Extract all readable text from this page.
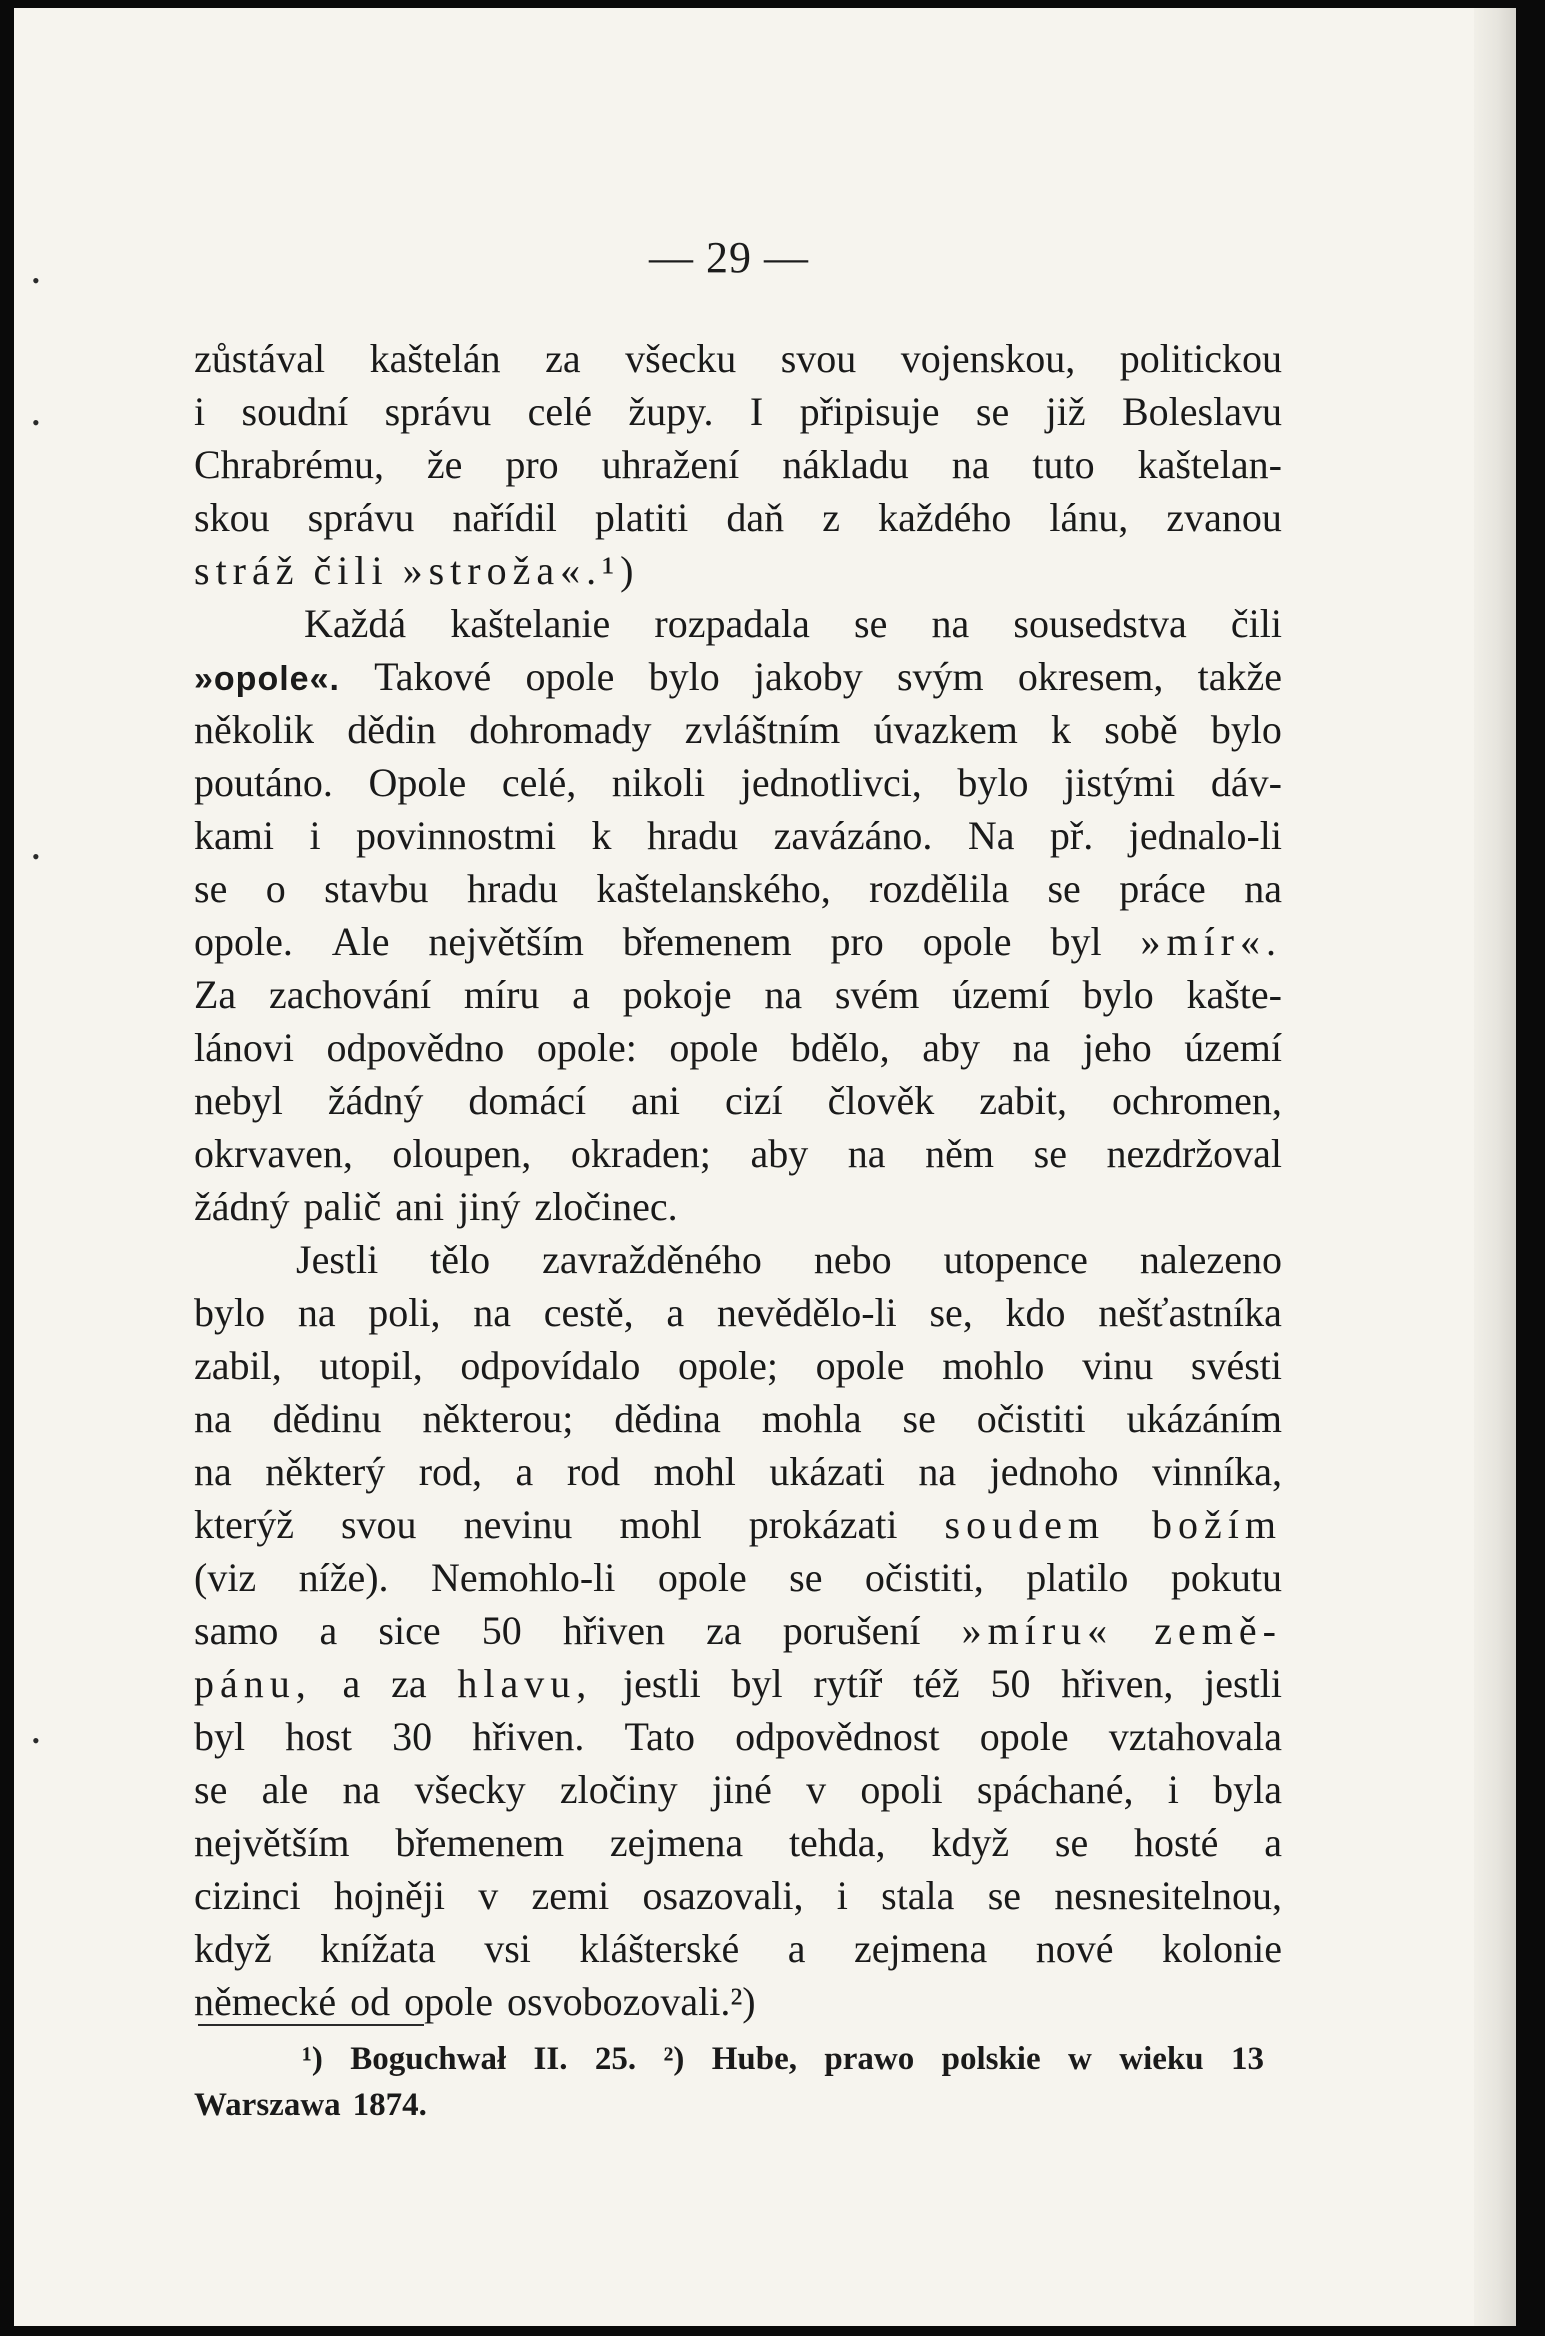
— 29 —
zůstával kaštelán za všecku svou vojenskou, politickou
i soudní správu celé župy. I připisuje se již Boleslavu
Chrabrému, že pro uhražení nákladu na tuto kaštelan-
skou správu nařídil platiti daň z každého lánu, zvanou
stráž čili »strožа«.¹)
Každá kaštelanie rozpadala se na sousedstva čili
»opole«. Takové opole bylo jakoby svým okresem, takže
několik dědin dohromady zvláštním úvazkem k sobě bylo
poutáno. Opole celé, nikoli jednotlivci, bylo jistými dáv-
kami i povinnostmi k hradu zavázáno. Na př. jednalo-li
se o stavbu hradu kaštelanského, rozdělila se práce na
opole. Ale největším břemenem pro opole byl »mír«.
Za zachování míru a pokoje na svém území bylo kašte-
lánovi odpovědno opole: opole bdělo, aby na jeho území
nebyl žádný domácí ani cizí člověk zabit, ochromen,
okrvaven, oloupen, okraden; aby na něm se nezdržoval
žádný palič ani jiný zločinec.
Jestli tělo zavražděného nebo utopence nalezeno
bylo na poli, na cestě, a nevědělo-li se, kdo nešťastníka
zabil, utopil, odpovídalo opole; opole mohlo vinu svésti
na dědinu některou; dědina mohla se očistiti ukázáním
na některý rod, a rod mohl ukázati na jednoho vinníka,
kterýž svou nevinu mohl prokázati soudem božím
(viz níže). Nemohlo-li opole se očistiti, platilo pokutu
samo a sice 50 hřiven za porušení »míru« země-
pánu, a za hlavu, jestli byl rytíř též 50 hřiven, jestli
byl host 30 hřiven. Tato odpovědnost opole vztahovala
se ale na všecky zločiny jiné v opoli spáchané, i byla
největším břemenem zejmena tehda, když se hosté a
cizinci hojněji v zemi osazovali, i stala se nesnesitelnou,
když knížata vsi klášterské a zejmena nové kolonie
německé od opole osvobozovali.²)
¹) Boguchwał II. 25. ²) Hube, prawo polskie w wieku 13
Warszawa 1874.
•
•
•
•
